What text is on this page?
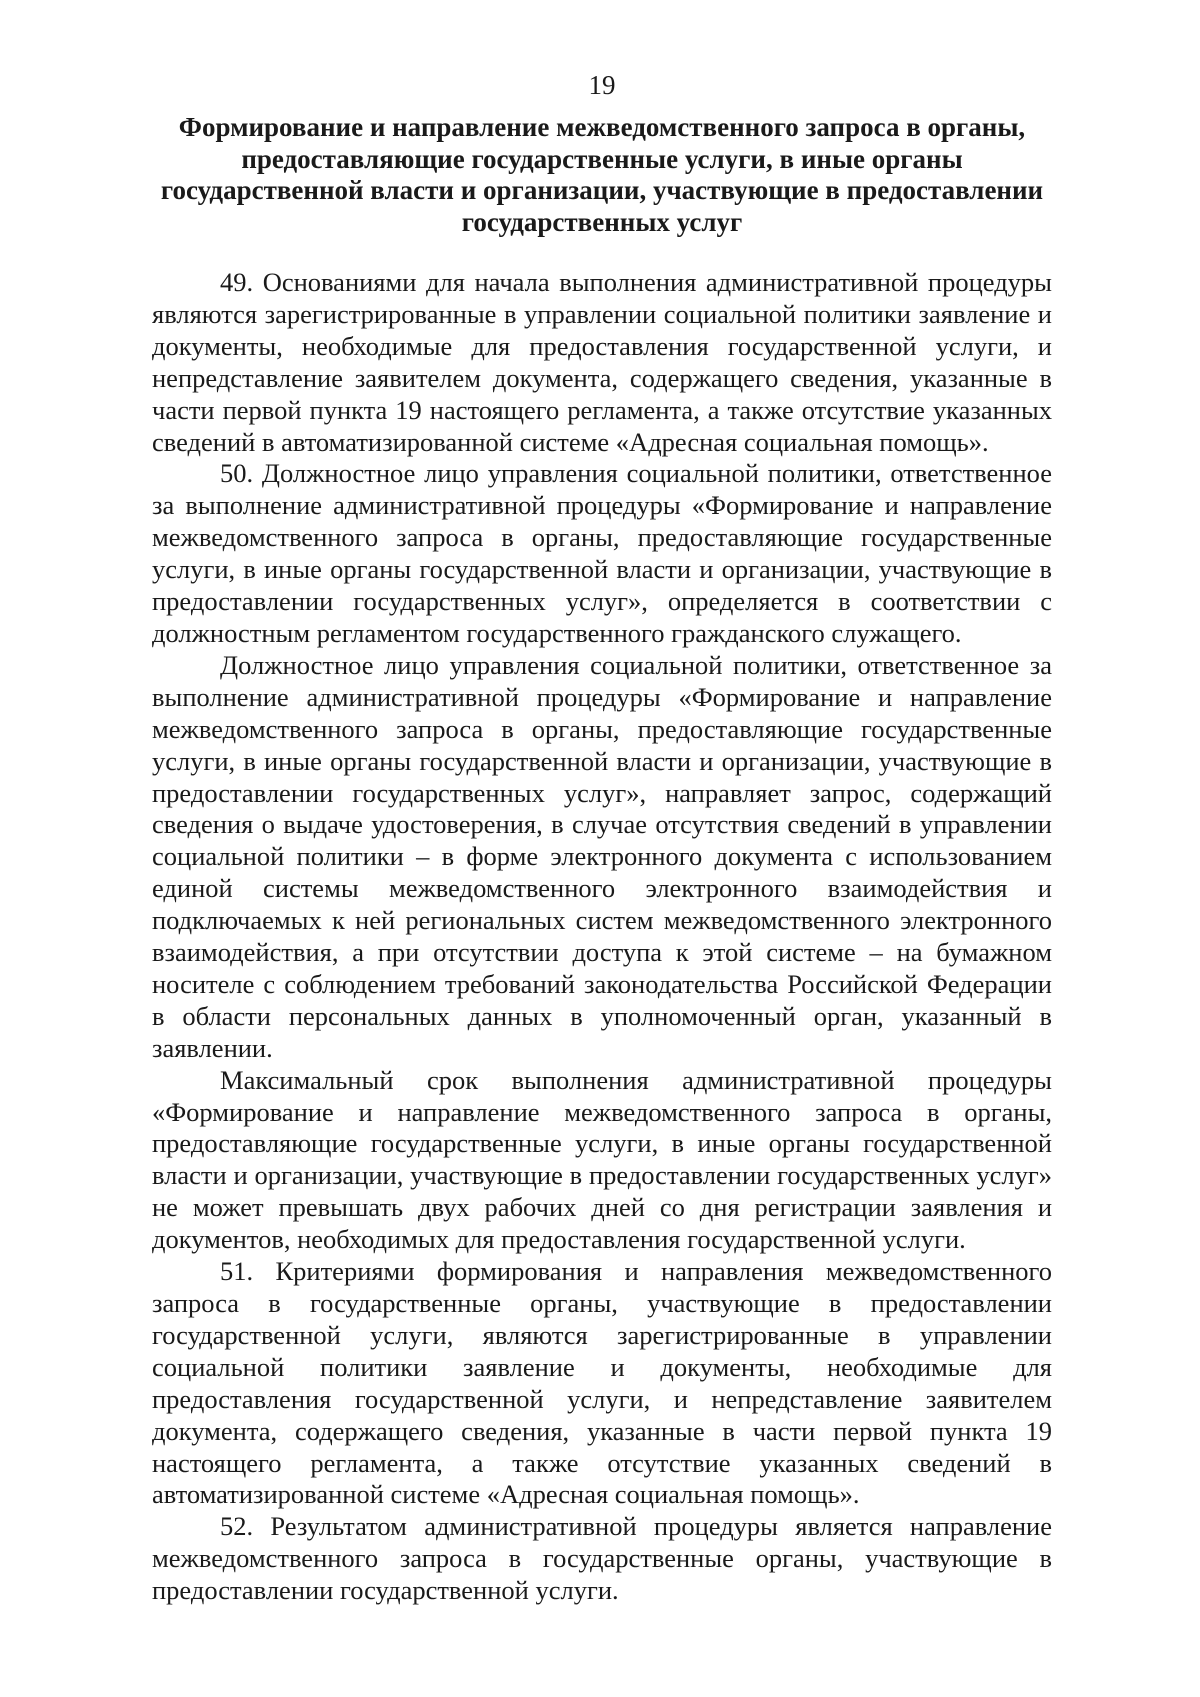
19
Формирование и направление межведомственного запроса в органы, предоставляющие государственные услуги, в иные органы государственной власти и организации, участвующие в предоставлении государственных услуг

49. Основаниями для начала выполнения административной процедуры являются зарегистрированные в управлении социальной политики заявление и документы, необходимые для предоставления государственной услуги, и непредставление заявителем документа, содержащего сведения, указанные в части первой пункта 19 настоящего регламента, а также отсутствие указанных сведений в автоматизированной системе «Адресная социальная помощь».

50. Должностное лицо управления социальной политики, ответственное за выполнение административной процедуры «Формирование и направление межведомственного запроса в органы, предоставляющие государственные услуги, в иные органы государственной власти и организации, участвующие в предоставлении государственных услуг», определяется в соответствии с должностным регламентом государственного гражданского служащего.

Должностное лицо управления социальной политики, ответственное за выполнение административной процедуры «Формирование и направление межведомственного запроса в органы, предоставляющие государственные услуги, в иные органы государственной власти и организации, участвующие в предоставлении государственных услуг», направляет запрос, содержащий сведения о выдаче удостоверения, в случае отсутствия сведений в управлении социальной политики – в форме электронного документа с использованием единой системы межведомственного электронного взаимодействия и подключаемых к ней региональных систем межведомственного электронного взаимодействия, а при отсутствии доступа к этой системе – на бумажном носителе с соблюдением требований законодательства Российской Федерации в области персональных данных в уполномоченный орган, указанный в заявлении.

Максимальный срок выполнения административной процедуры «Формирование и направление межведомственного запроса в органы, предоставляющие государственные услуги, в иные органы государственной власти и организации, участвующие в предоставлении государственных услуг» не может превышать двух рабочих дней со дня регистрации заявления и документов, необходимых для предоставления государственной услуги.

51. Критериями формирования и направления межведомственного запроса в государственные органы, участвующие в предоставлении государственной услуги, являются зарегистрированные в управлении социальной политики заявление и документы, необходимые для предоставления государственной услуги, и непредставление заявителем документа, содержащего сведения, указанные в части первой пункта 19 настоящего регламента, а также отсутствие указанных сведений в автоматизированной системе «Адресная социальная помощь».

52. Результатом административной процедуры является направление межведомственного запроса в государственные органы, участвующие в предоставлении государственной услуги.
